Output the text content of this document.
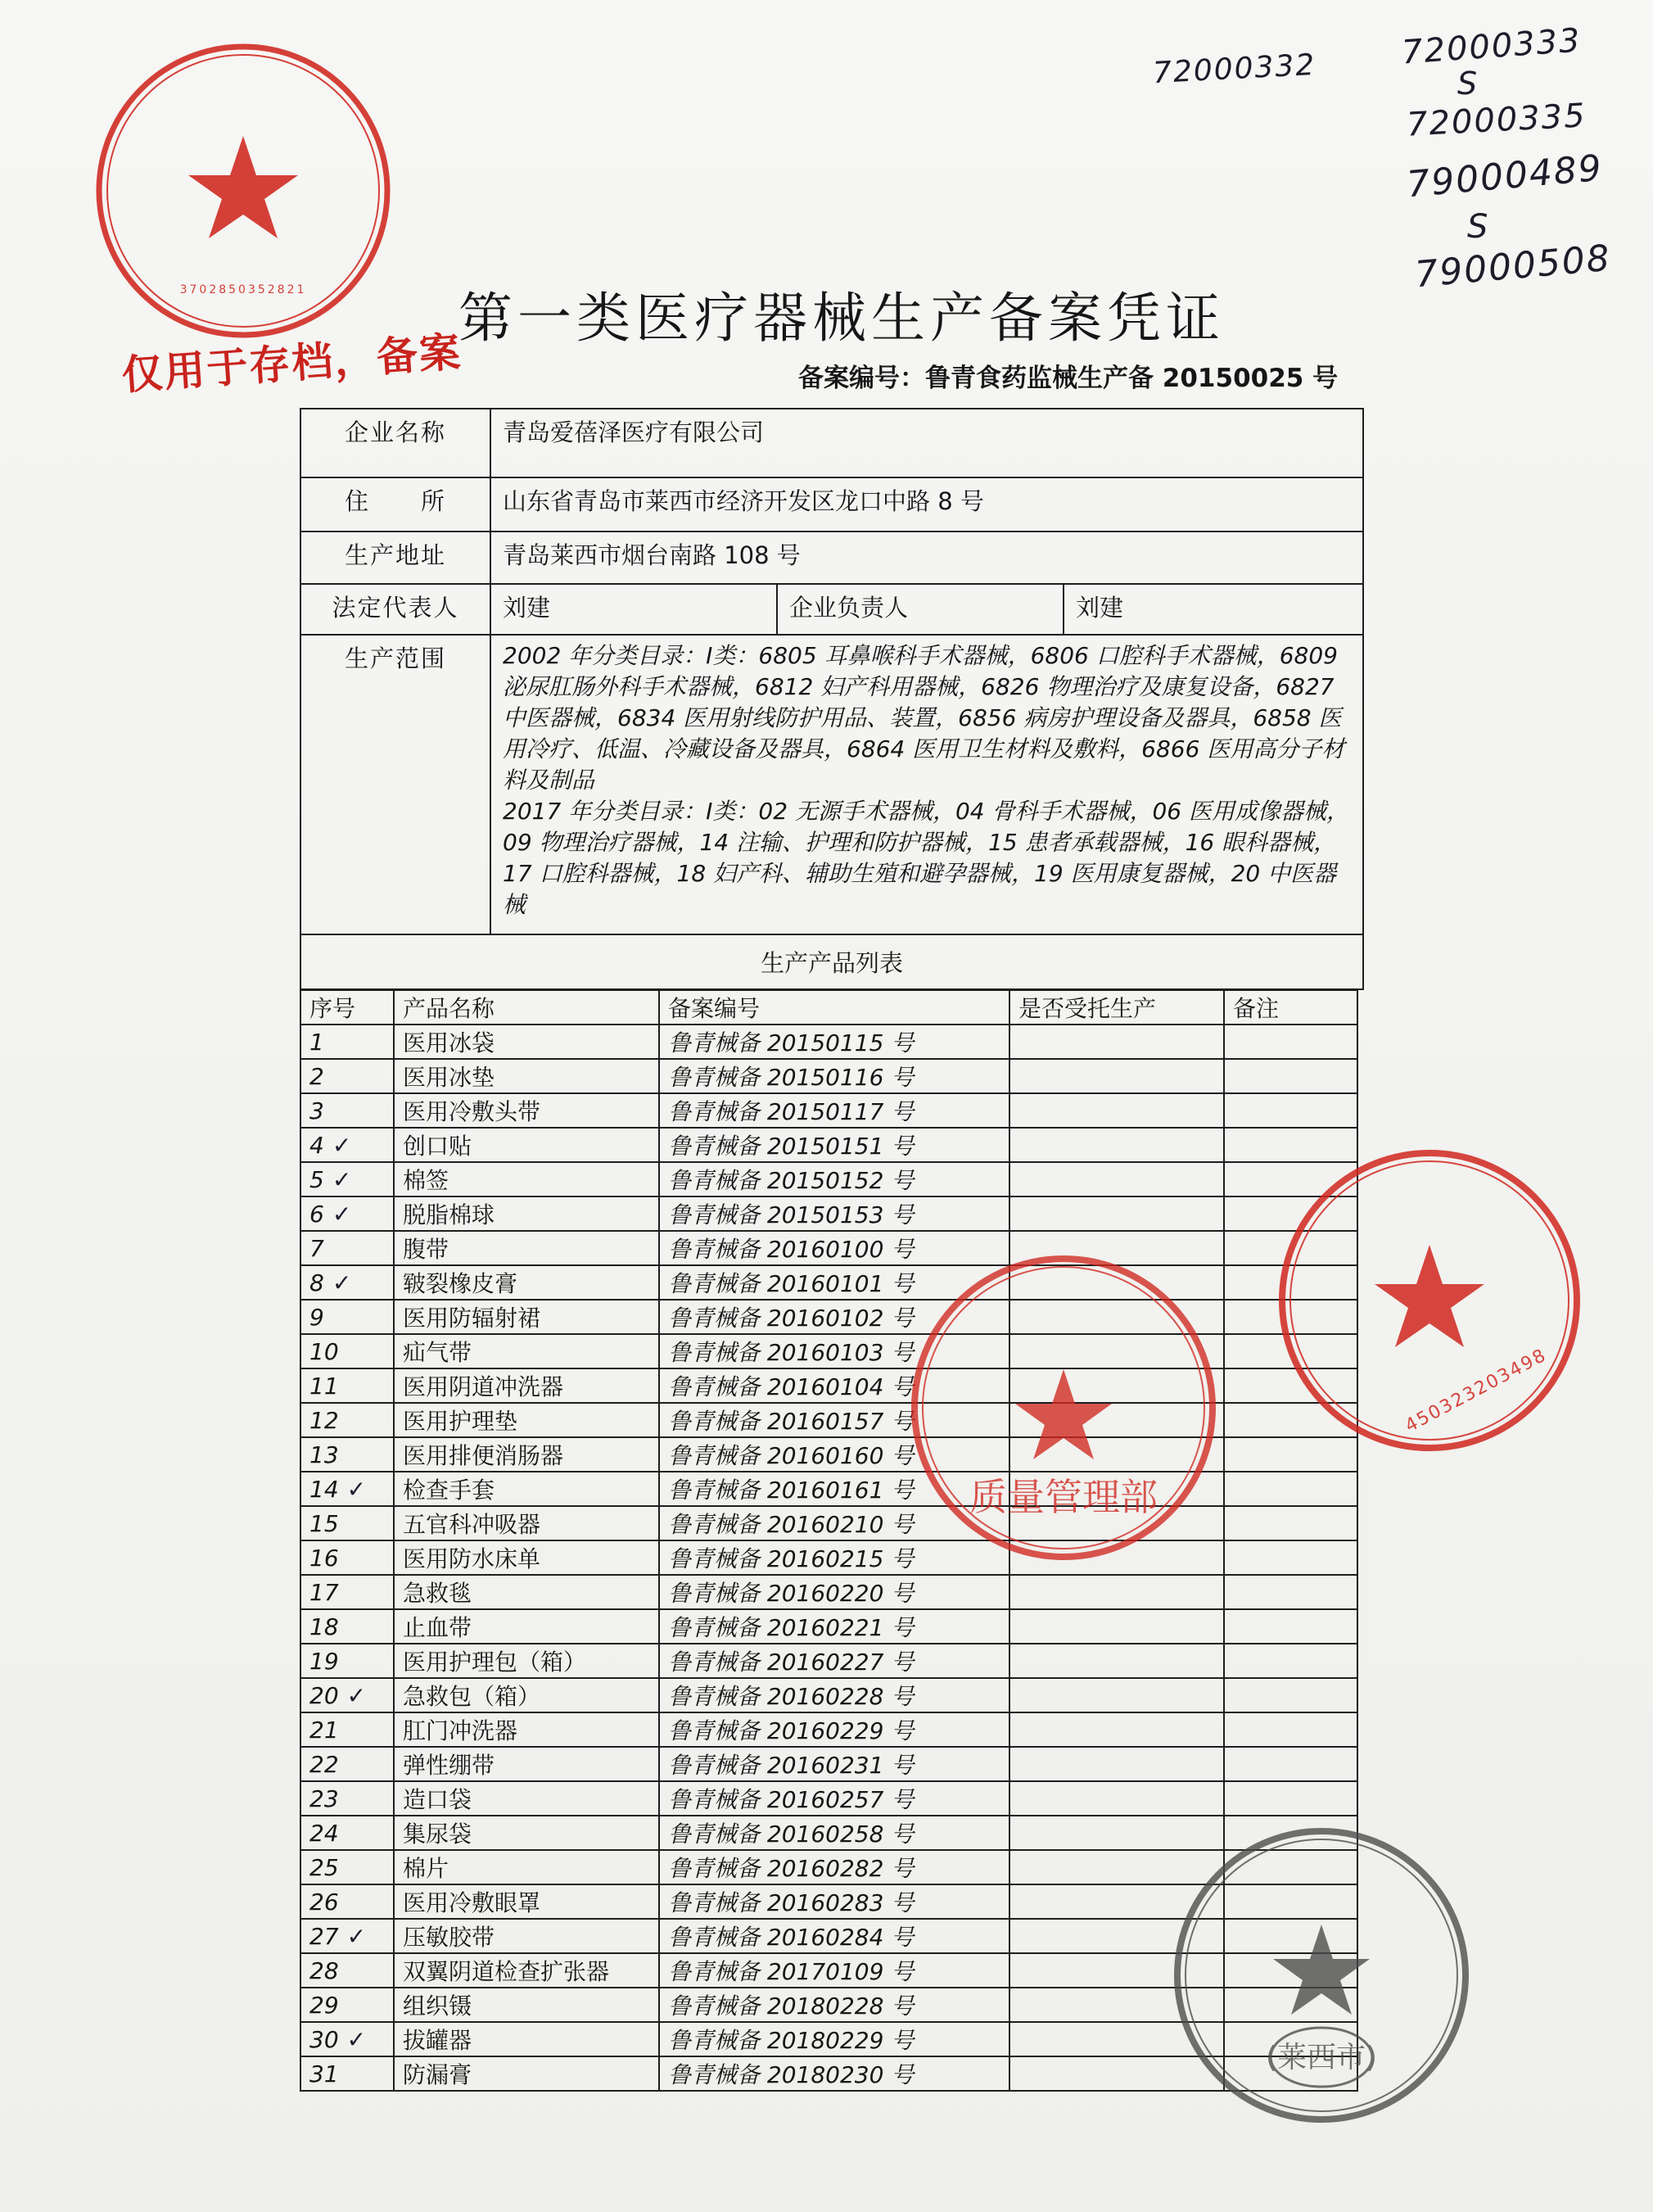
72000332	72000333
S
72000335
79000489
S
79000508
3702850352821
仅用于存档，备案
第一类医疗器械生产备案凭证
备案编号：鲁青食药监械生产备 20150025 号
企业名称	青岛爱蓓泽医疗有限公司		
住　　所	山东省青岛市莱西市经济开发区龙口中路 8 号		
生产地址	青岛莱西市烟台南路 108 号		
法定代表人	刘建	企业负责人	刘建
生产范围	2002 年分类目录：Ⅰ类：6805 耳鼻喉科手术器械，6806 口腔科手术器械，6809 泌尿肛肠外科手术器械，6812 妇产科用器械，6826 物理治疗及康复设备，6827 中医器械，6834 医用射线防护用品、装置，6856 病房护理设备及器具，6858 医用冷疗、低温、冷藏设备及器具，6864 医用卫生材料及敷料，6866 医用高分子材料及制品
2017 年分类目录：Ⅰ类：02 无源手术器械，04 骨科手术器械，06 医用成像器械，09 物理治疗器械，14 注输、护理和防护器械，15 患者承载器械，16 眼科器械，17 口腔科器械，18 妇产科、辅助生殖和避孕器械，19 医用康复器械，20 中医器械		

生产产品列表			
序号	产品名称	备案编号	是否受托生产	备注
1	医用冰袋	鲁青械备 20150115 号		
2	医用冰垫	鲁青械备 20150116 号		
3	医用冷敷头带	鲁青械备 20150117 号		
4 ✓	创口贴	鲁青械备 20150151 号		
5 ✓	棉签	鲁青械备 20150152 号		
6 ✓	脱脂棉球	鲁青械备 20150153 号		
7	腹带	鲁青械备 20160100 号		
8 ✓	皲裂橡皮膏	鲁青械备 20160101 号		
9	医用防辐射裙	鲁青械备 20160102 号		
10	疝气带	鲁青械备 20160103 号		
11	医用阴道冲洗器	鲁青械备 20160104 号		
12	医用护理垫	鲁青械备 20160157 号		
13	医用排便消肠器	鲁青械备 20160160 号		
14 ✓	检查手套	鲁青械备 20160161 号		
15	五官科冲吸器	鲁青械备 20160210 号		
16	医用防水床单	鲁青械备 20160215 号		
17	急救毯	鲁青械备 20160220 号		
18	止血带	鲁青械备 20160221 号		
19	医用护理包（箱）	鲁青械备 20160227 号		
20 ✓	急救包（箱）	鲁青械备 20160228 号		
21	肛门冲洗器	鲁青械备 20160229 号		
22	弹性绷带	鲁青械备 20160231 号		
23	造口袋	鲁青械备 20160257 号		
24	集尿袋	鲁青械备 20160258 号		
25	棉片	鲁青械备 20160282 号		
26	医用冷敷眼罩	鲁青械备 20160283 号		
27 ✓	压敏胶带	鲁青械备 20160284 号		
28	双翼阴道检查扩张器	鲁青械备 20170109 号		
29	组织镊	鲁青械备 20180228 号		
30 ✓	拔罐器	鲁青械备 20180229 号		
31	防漏膏	鲁青械备 20180230 号		
450323203498
质量管理部
(莱西市)
